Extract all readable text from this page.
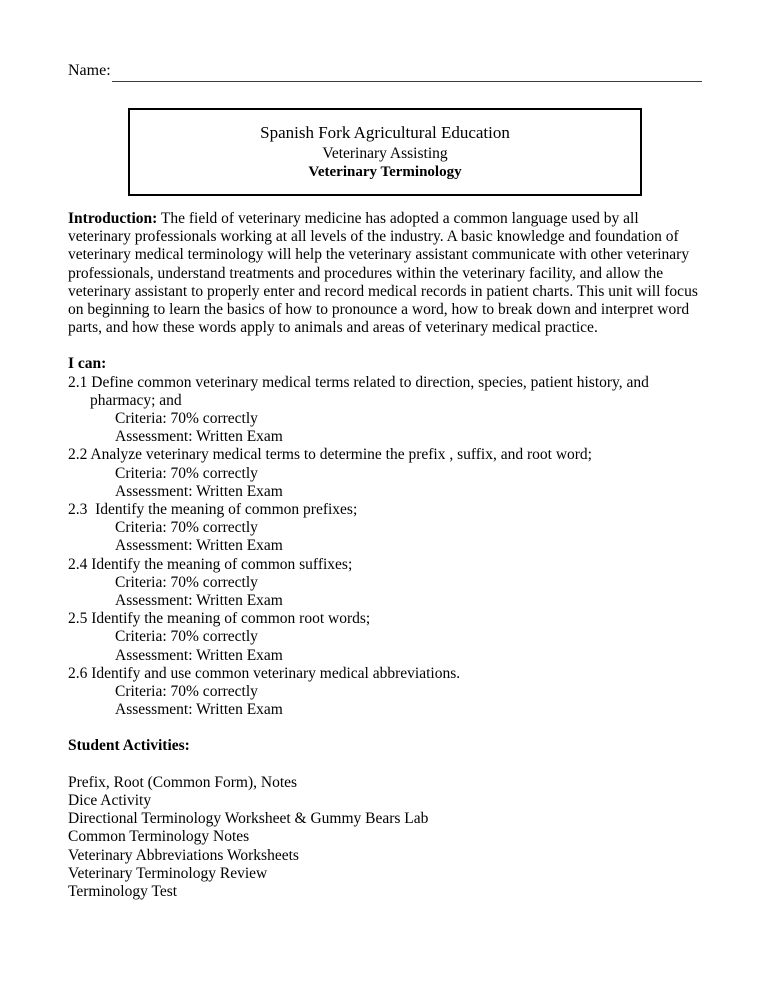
Name:
Spanish Fork Agricultural Education
Veterinary Assisting
Veterinary Terminology

Introduction: The field of veterinary medicine has adopted a common language used by all veterinary professionals working at all levels of the industry. A basic knowledge and foundation of veterinary medical terminology will help the veterinary assistant communicate with other veterinary professionals, understand treatments and procedures within the veterinary facility, and allow the veterinary assistant to properly enter and record medical records in patient charts. This unit will focus on beginning to learn the basics of how to pronounce a word, how to break down and interpret word parts, and how these words apply to animals and areas of veterinary medical practice.

I can:
2.1 Define common veterinary medical terms related to direction, species, patient history, and pharmacy; and
Criteria: 70% correctly
Assessment: Written Exam
2.2 Analyze veterinary medical terms to determine the prefix , suffix, and root word;
Criteria: 70% correctly
Assessment: Written Exam
2.3 Identify the meaning of common prefixes;
Criteria: 70% correctly
Assessment: Written Exam
2.4 Identify the meaning of common suffixes;
Criteria: 70% correctly
Assessment: Written Exam
2.5 Identify the meaning of common root words;
Criteria: 70% correctly
Assessment: Written Exam
2.6 Identify and use common veterinary medical abbreviations.
Criteria: 70% correctly
Assessment: Written Exam
Student Activities:
Prefix, Root (Common Form), Notes
Dice Activity
Directional Terminology Worksheet & Gummy Bears Lab
Common Terminology Notes
Veterinary Abbreviations Worksheets
Veterinary Terminology Review
Terminology Test
